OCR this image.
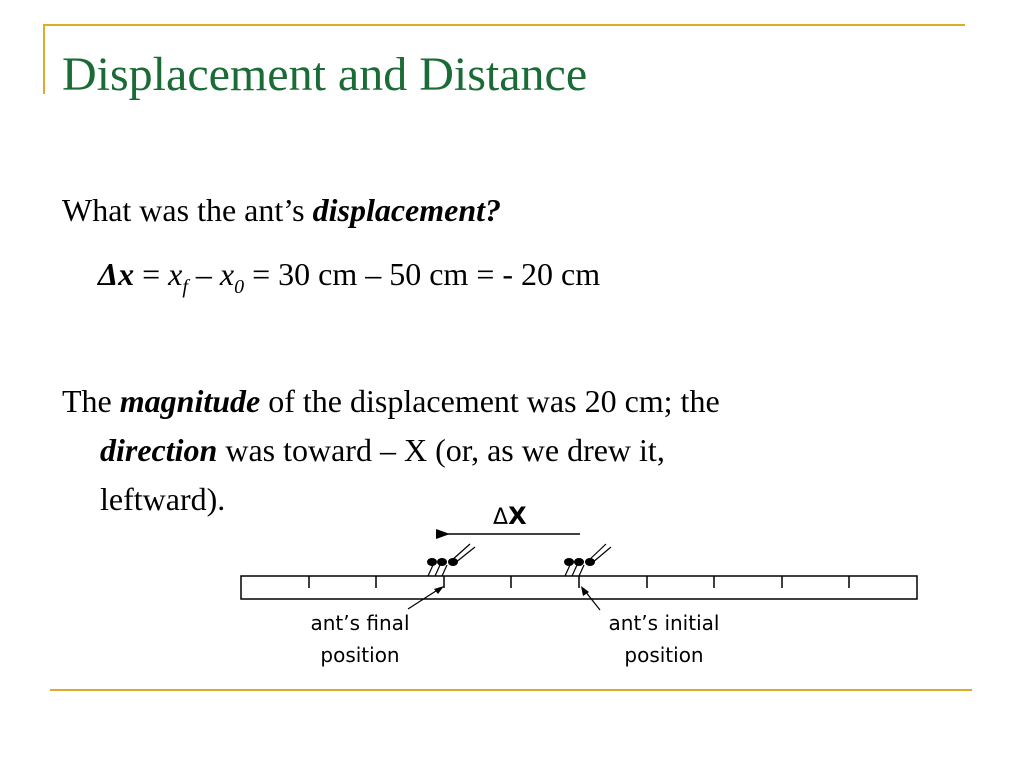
Displacement and Distance
What was the ant’s displacement?
$\Delta x = x_f - x_0 = 30$ cm – 50 cm = - 20 cm
The magnitude of the displacement was 20 cm; the
direction was toward – X (or, as we drew it,
leftward).
ΔX
ant’s final
position
ant’s initial
position
